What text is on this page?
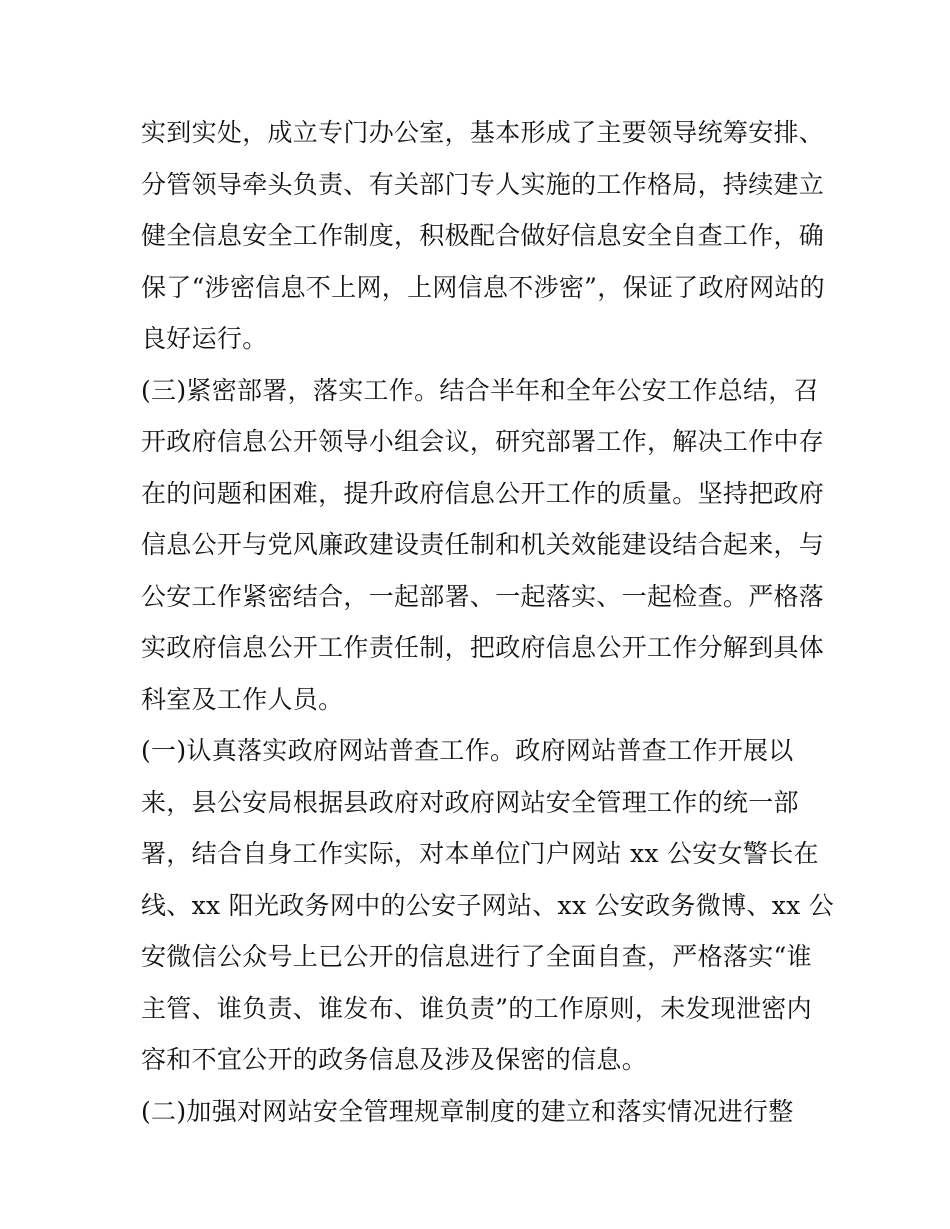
实到实处，成立专门办公室，基本形成了主要领导统筹安排、
分管领导牵头负责、有关部门专人实施的工作格局，持续建立
健全信息安全工作制度，积极配合做好信息安全自查工作，确
保了“涉密信息不上网，上网信息不涉密”，保证了政府网站的
良好运行。
(三)紧密部署，落实工作。结合半年和全年公安工作总结，召
开政府信息公开领导小组会议，研究部署工作，解决工作中存
在的问题和困难，提升政府信息公开工作的质量。坚持把政府
信息公开与党风廉政建设责任制和机关效能建设结合起来，与
公安工作紧密结合，一起部署、一起落实、一起检查。严格落
实政府信息公开工作责任制，把政府信息公开工作分解到具体
科室及工作人员。
(一)认真落实政府网站普查工作。政府网站普查工作开展以
来，县公安局根据县政府对政府网站安全管理工作的统一部
署，结合自身工作实际，对本单位门户网站 xx 公安女警长在
线、xx 阳光政务网中的公安子网站、xx 公安政务微博、xx 公
安微信公众号上已公开的信息进行了全面自查，严格落实“谁
主管、谁负责、谁发布、谁负责”的工作原则，未发现泄密内
容和不宜公开的政务信息及涉及保密的信息。
(二)加强对网站安全管理规章制度的建立和落实情况进行整
